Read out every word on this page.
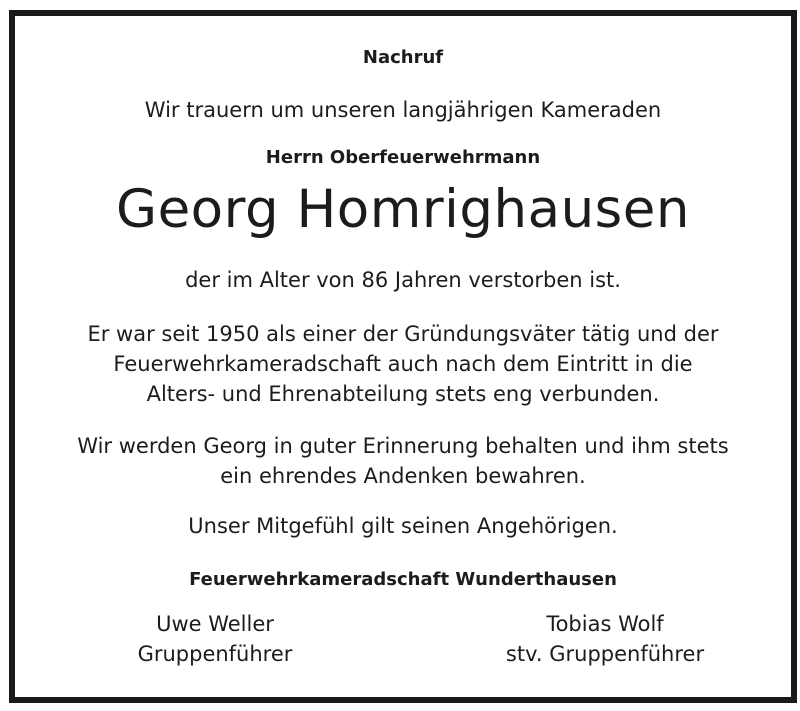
Nachruf
Wir trauern um unseren langjährigen Kameraden
Herrn Oberfeuerwehrmann
Georg Homrighausen
der im Alter von 86 Jahren verstorben ist.
Er war seit 1950 als einer der Gründungsväter tätig und der
Feuerwehrkameradschaft auch nach dem Eintritt in die
Alters- und Ehrenabteilung stets eng verbunden.
Wir werden Georg in guter Erinnerung behalten und ihm stets
ein ehrendes Andenken bewahren.
Unser Mitgefühl gilt seinen Angehörigen.
Feuerwehrkameradschaft Wunderthausen
Uwe Weller
Gruppenführer
Tobias Wolf
stv. Gruppenführer
